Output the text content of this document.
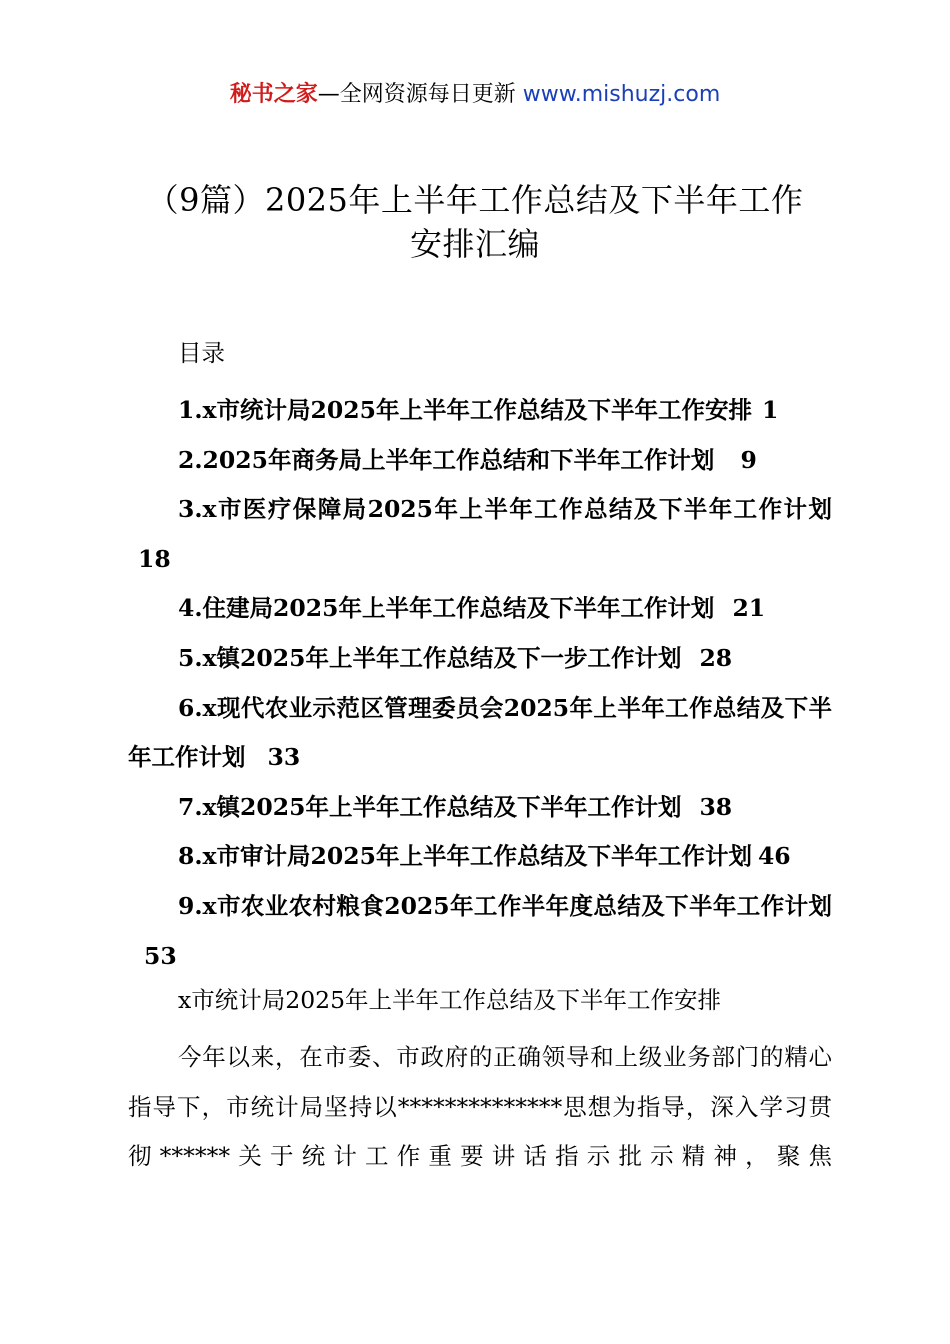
秘书之家—全网资源每日更新 www.mishuzj.com
（9篇）2025年上半年工作总结及下半年工作
安排汇编
目录

1.x市统计局2025年上半年工作总结及下半年工作安排 1

2.2025年商务局上半年工作总结和下半年工作计划 9

3.x市医疗保障局2025年上半年工作总结及下半年工作计划18

4.住建局2025年上半年工作总结及下半年工作计划 21

5.x镇2025年上半年工作总结及下一步工作计划 28

6.x现代农业示范区管理委员会2025年上半年工作总结及下半年工作计划 33

7.x镇2025年上半年工作总结及下半年工作计划 38

8.x市审计局2025年上半年工作总结及下半年工作计划 46

9.x市农业农村粮食2025年工作半年度总结及下半年工作计划53

x市统计局2025年上半年工作总结及下半年工作安排

今年以来，在市委、市政府的正确领导和上级业务部门的精心指导下，市统计局坚持以**************思想为指导，深入学习贯彻******关于统计工作重要讲话指示批示精神，聚焦
